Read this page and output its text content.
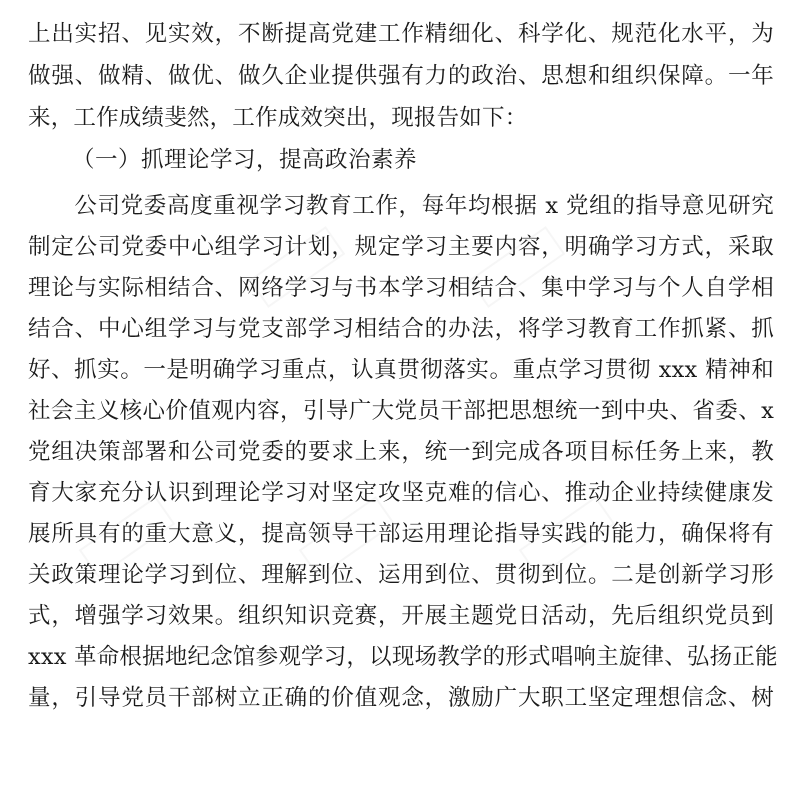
上出实招、见实效，不断提高党建工作精细化、科学化、规范化水平，为
做强、做精、做优、做久企业提供强有力的政治、思想和组织保障。一年
来，工作成绩斐然，工作成效突出，现报告如下：
（一）抓理论学习，提高政治素养
　　公司党委高度重视学习教育工作，每年均根据 x 党组的指导意见研究
制定公司党委中心组学习计划，规定学习主要内容，明确学习方式，采取
理论与实际相结合、网络学习与书本学习相结合、集中学习与个人自学相
结合、中心组学习与党支部学习相结合的办法，将学习教育工作抓紧、抓
好、抓实。一是明确学习重点，认真贯彻落实。重点学习贯彻 xxx 精神和
社会主义核心价值观内容，引导广大党员干部把思想统一到中央、省委、x
党组决策部署和公司党委的要求上来，统一到完成各项目标任务上来，教
育大家充分认识到理论学习对坚定攻坚克难的信心、推动企业持续健康发
展所具有的重大意义，提高领导干部运用理论指导实践的能力，确保将有
关政策理论学习到位、理解到位、运用到位、贯彻到位。二是创新学习形
式，增强学习效果。组织知识竞赛，开展主题党日活动，先后组织党员到
xxx 革命根据地纪念馆参观学习，以现场教学的形式唱响主旋律、弘扬正能
量，引导党员干部树立正确的价值观念，激励广大职工坚定理想信念、树
